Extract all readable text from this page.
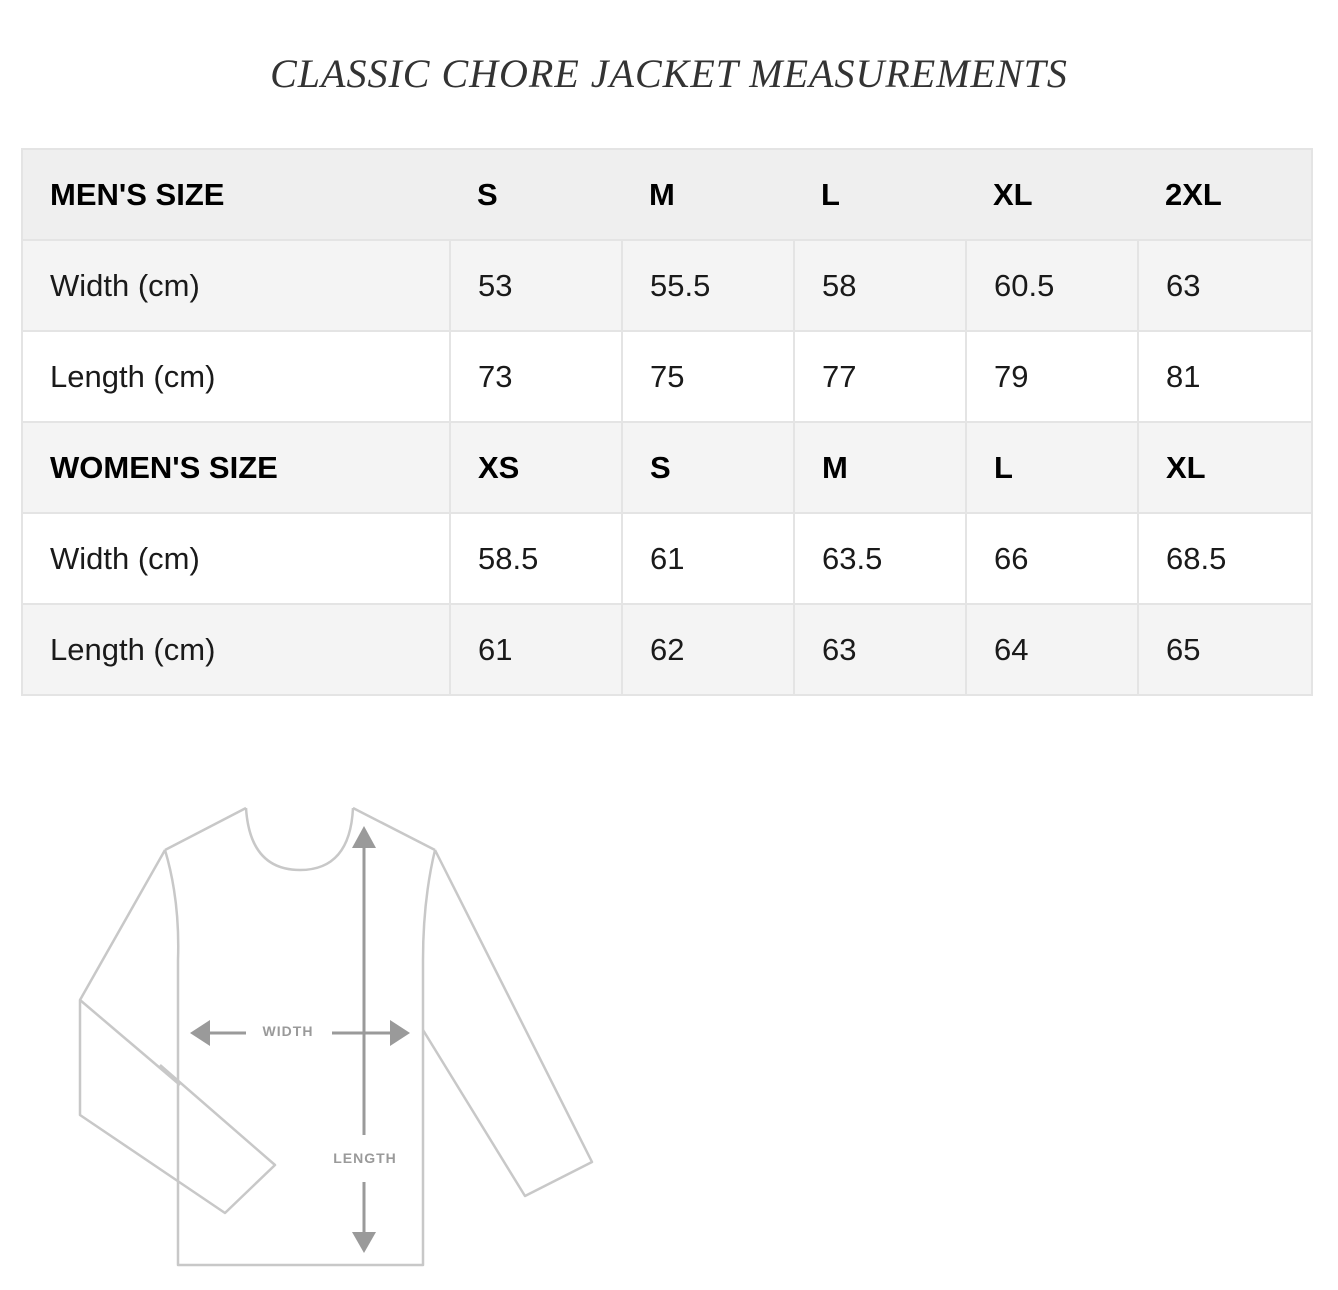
CLASSIC CHORE JACKET MEASUREMENTS
MEN'S SIZE	S	M	L	XL	2XL
Width (cm)	53	55.5	58	60.5	63
Length (cm)	73	75	77	79	81
WOMEN'S SIZE	XS	S	M	L	XL
Width (cm)	58.5	61	63.5	66	68.5
Length (cm)	61	62	63	64	65
WIDTH
LENGTH
